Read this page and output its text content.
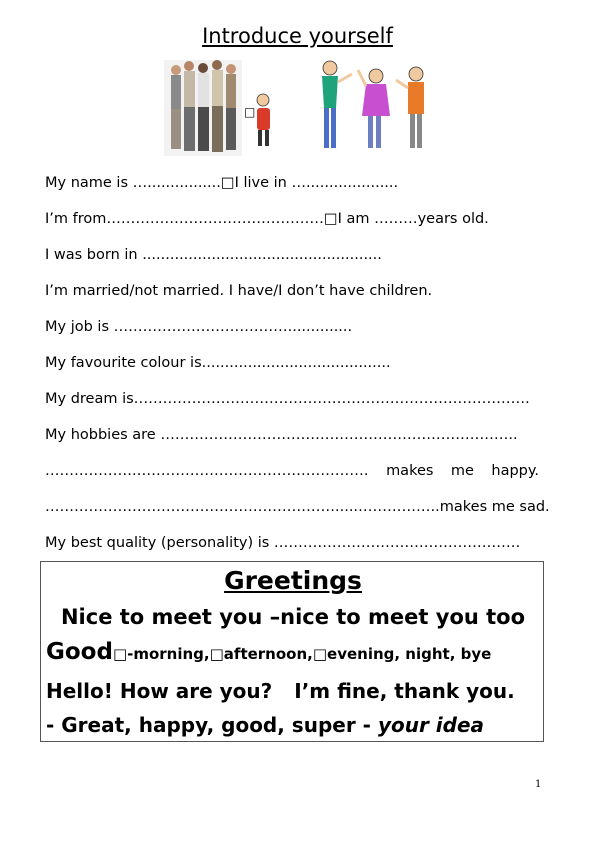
Introduce yourself
□
My name is …................□I live in …....................
I’m from………………………………………□I am ………years old.
I was born in ....................................................
I’m married/not married. I have/I don’t have children.
My job is ………………………………..............
My favourite colour is.........................................
My dream is……………………………………………………………………….
My hobbies are ………………………………………………………………..
……………….………………………………………… makes me happy.
…………………………………………………….....……………..makes me sad.
My best quality (personality) is ……………………………………………
Greetings
Nice to meet you –nice to meet you too
Good□-morning,□afternoon,□evening, night, bye
Hello! How are you? I’m fine, thank you.
- Great, happy, good, super - your idea
1
